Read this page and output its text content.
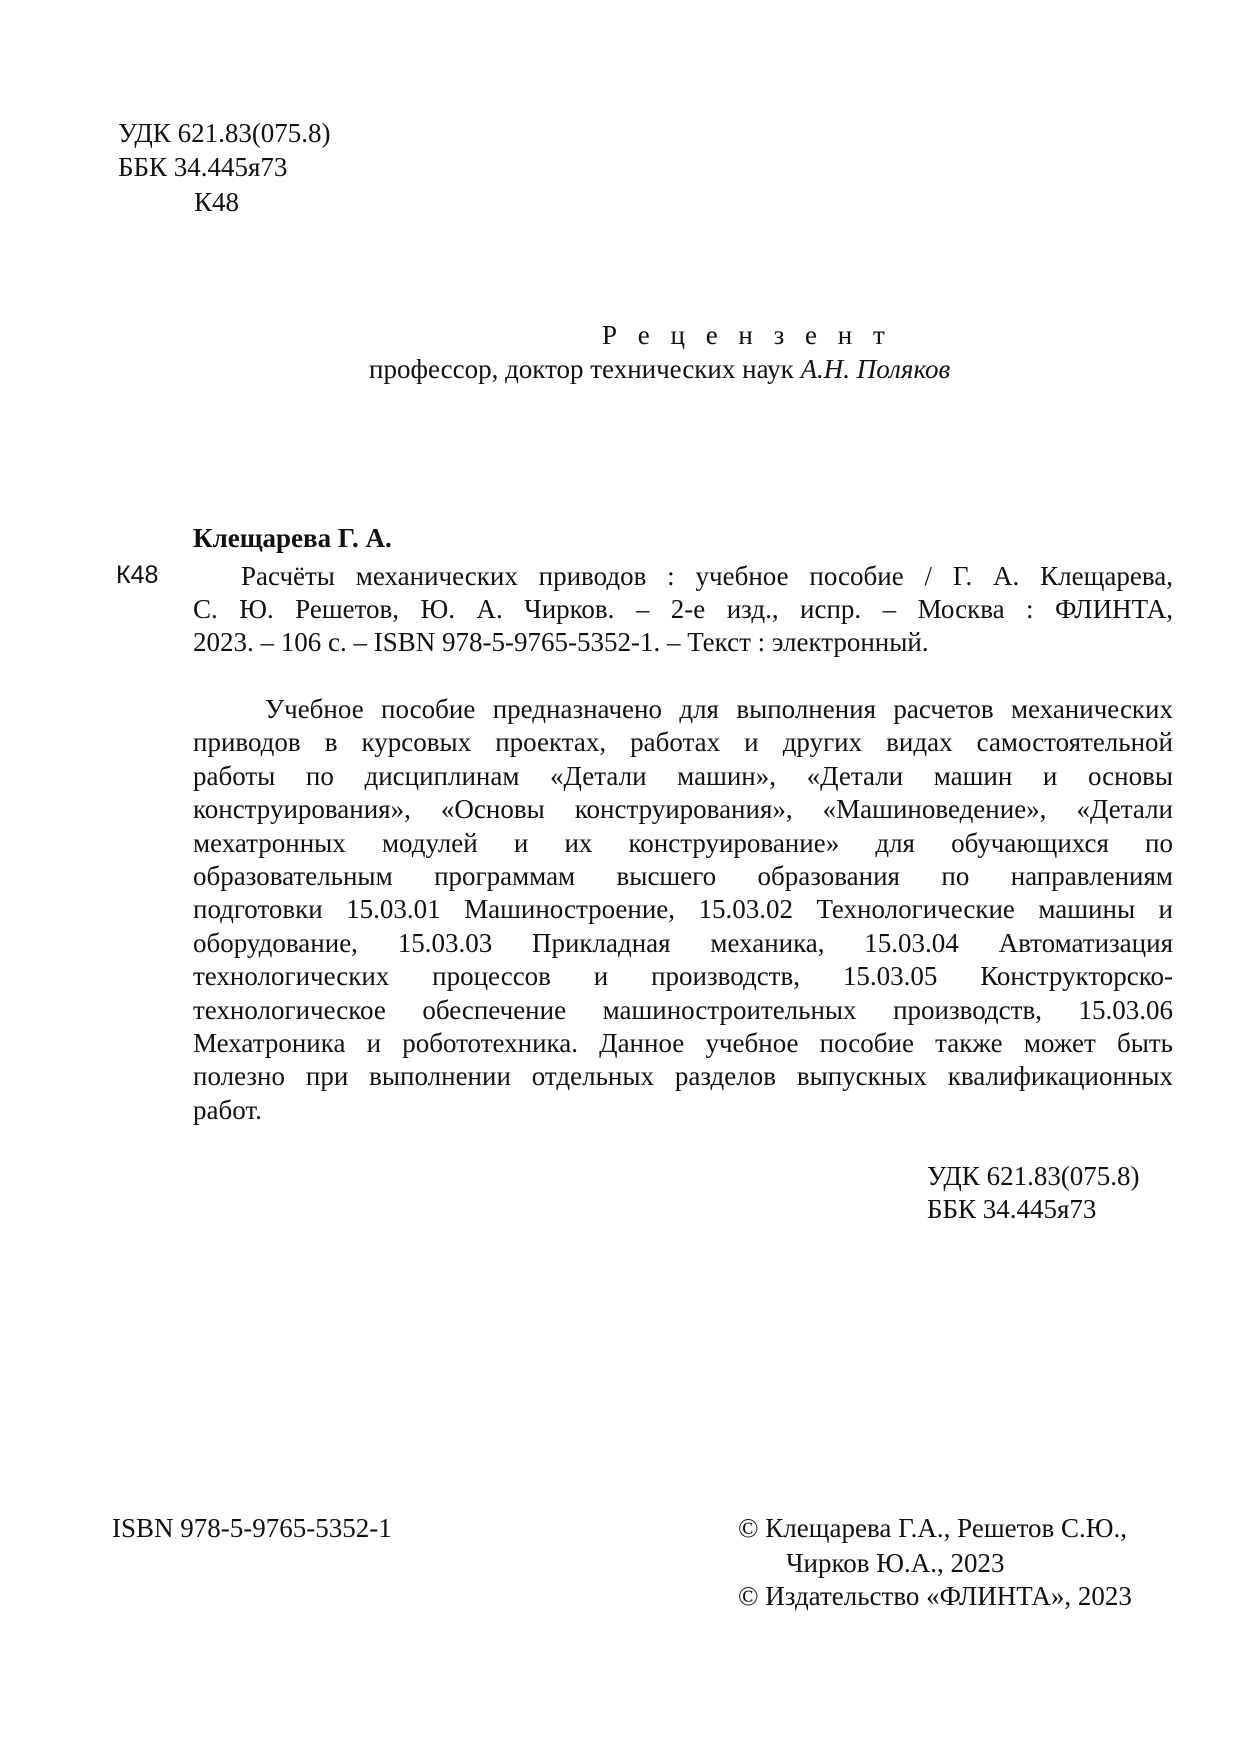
УДК 621.83(075.8)
ББК 34.445я73
К48
Р е ц е н з е н т
профессор, доктор технических наук А.Н. Поляков
Клещарева Г. А.
К48	Расчёты механических приводов : учебное пособие / Г. А. Клещарева,
С. Ю. Решетов, Ю. А. Чирков. – 2-е изд., испр. – Москва : ФЛИНТА,
2023. – 106 с. – ISBN 978-5-9765-5352-1. – Текст : электронный.
Учебное пособие предназначено для выполнения расчетов механических
приводов в курсовых проектах, работах и других видах самостоятельной
работы по дисциплинам «Детали машин», «Детали машин и основы
конструирования», «Основы конструирования», «Машиноведение», «Детали
мехатронных модулей и их конструирование» для обучающихся по
образовательным программам высшего образования по направлениям
подготовки 15.03.01 Машиностроение, 15.03.02 Технологические машины и
оборудование, 15.03.03 Прикладная механика, 15.03.04 Автоматизация
технологических процессов и производств, 15.03.05 Конструкторско-
технологическое обеспечение машиностроительных производств, 15.03.06
Мехатроника и робототехника. Данное учебное пособие также может быть
полезно при выполнении отдельных разделов выпускных квалификационных
работ.
УДК 621.83(075.8)
ББК 34.445я73
ISBN 978-5-9765-5352-1	© Клещарева Г.А., Решетов С.Ю.,
Чирков Ю.А., 2023
© Издательство «ФЛИНТА», 2023
